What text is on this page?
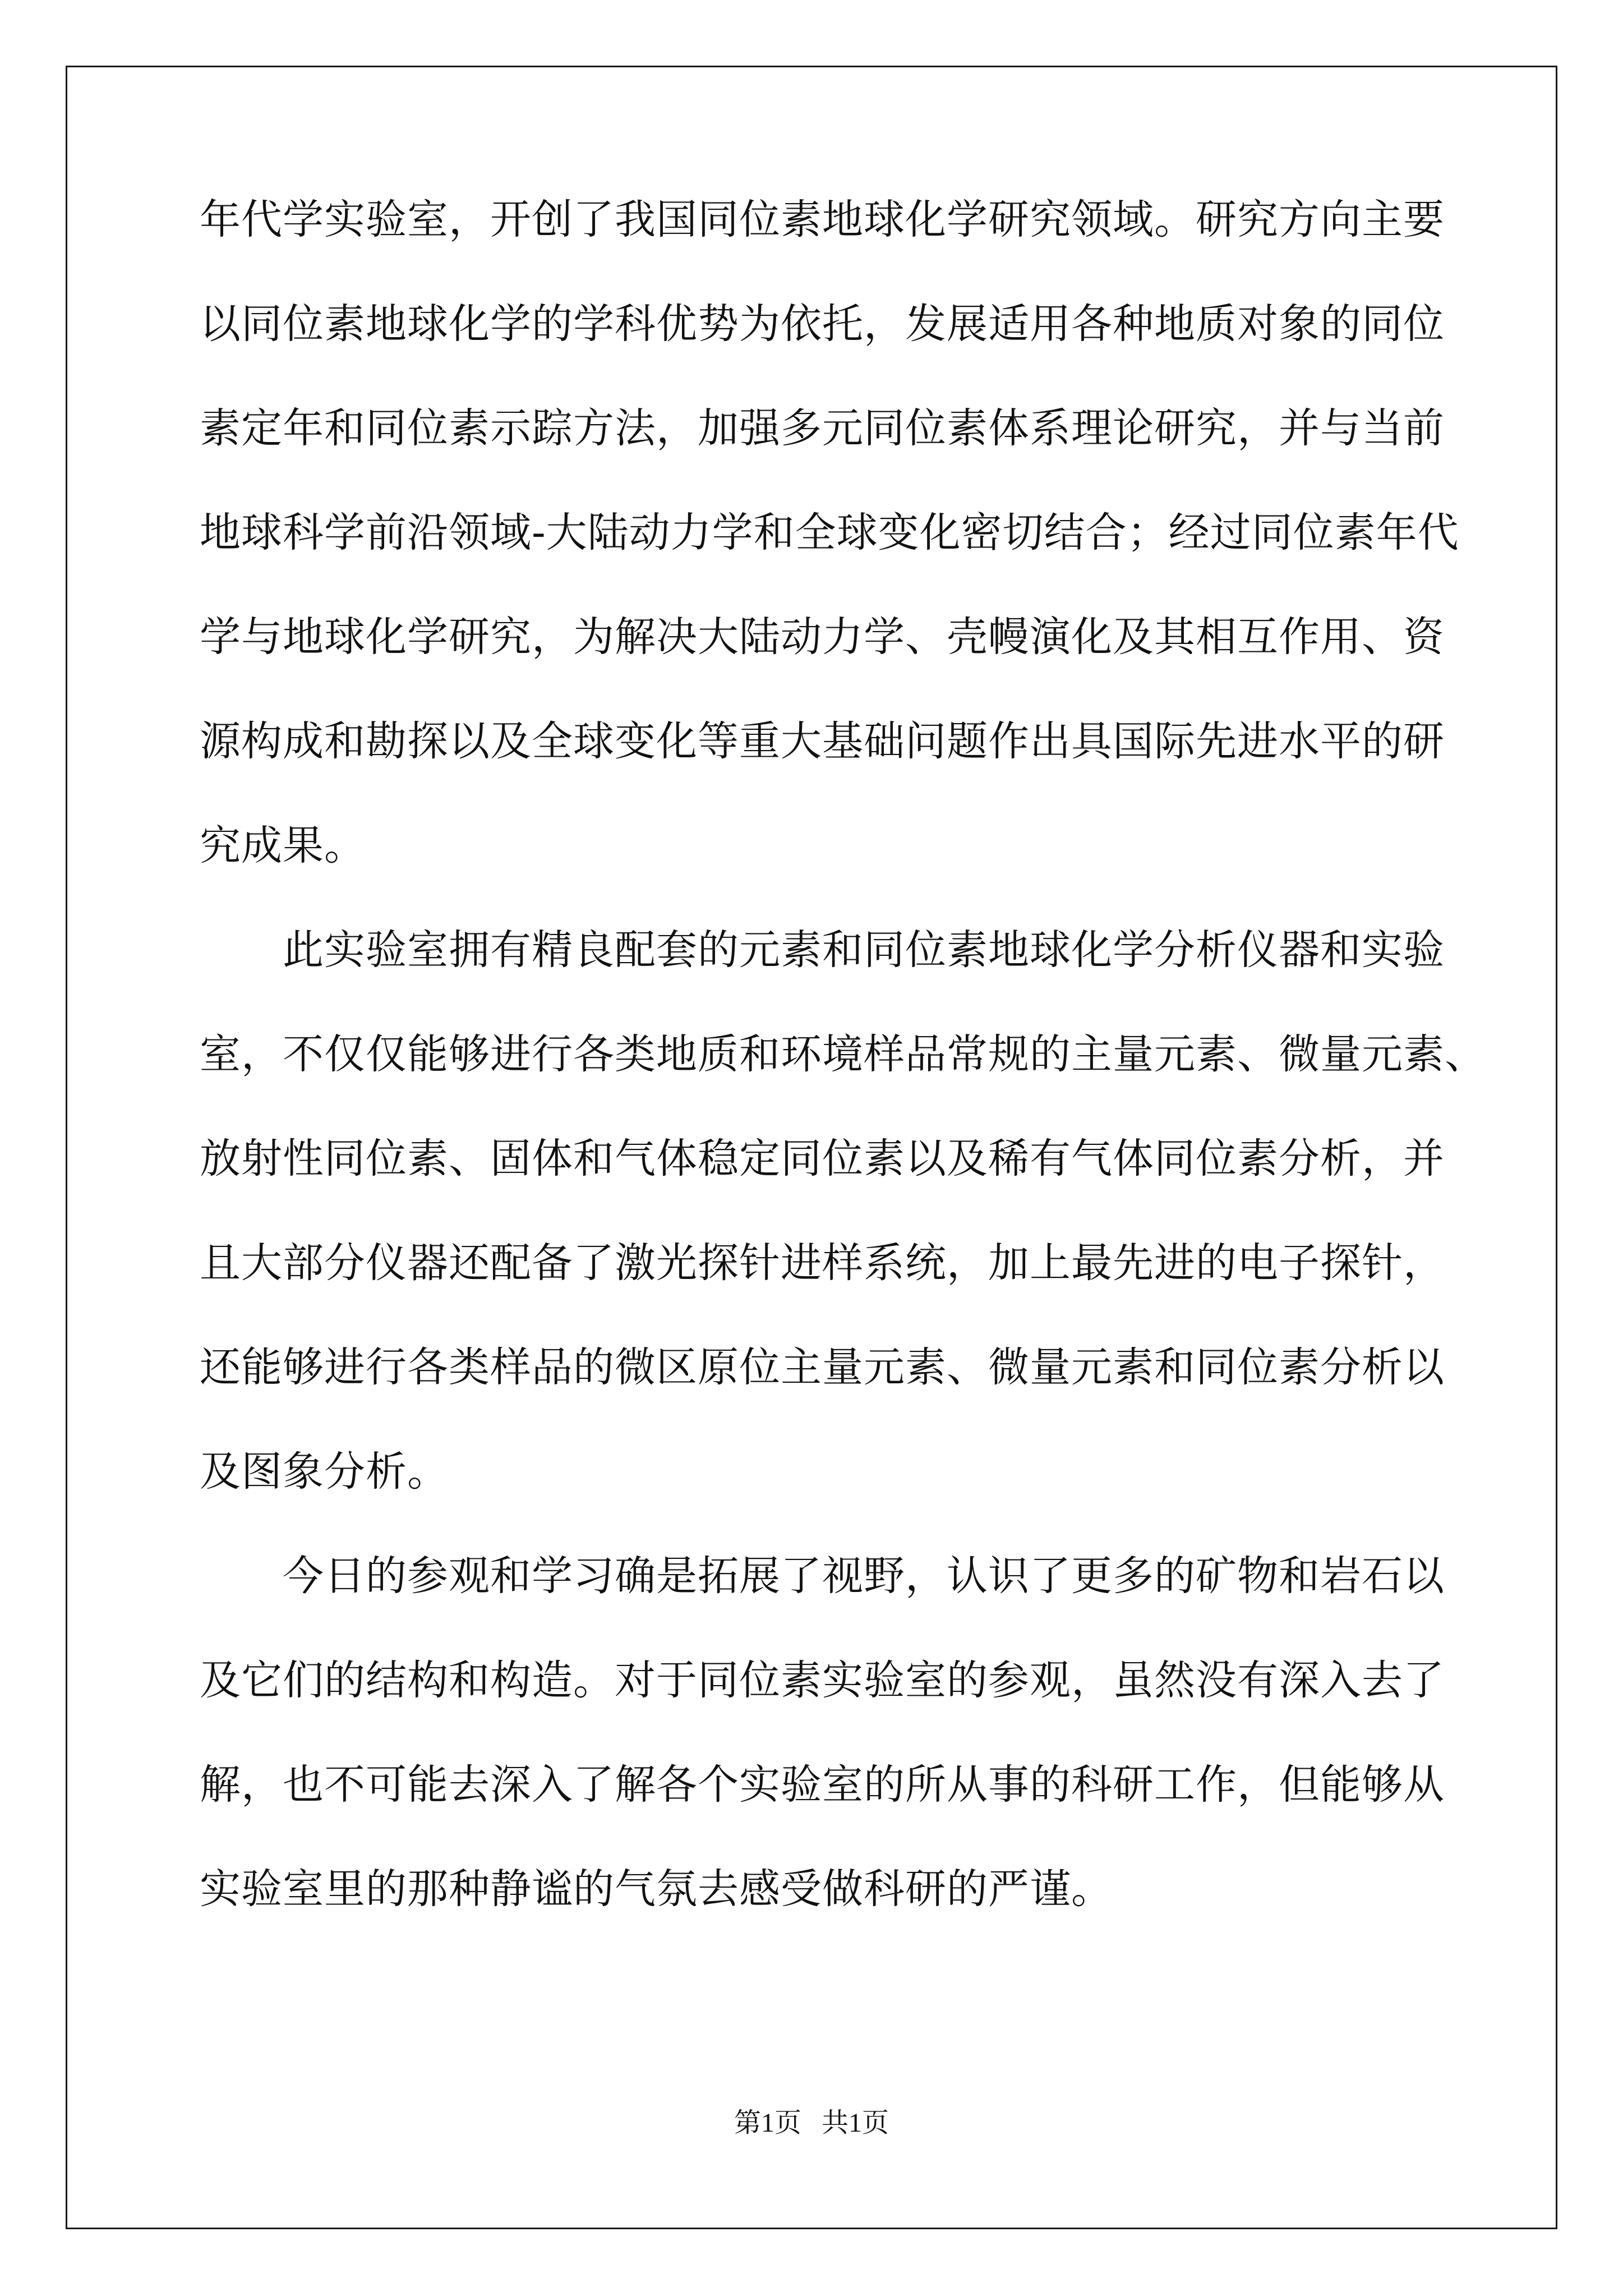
年代学实验室，开创了我国同位素地球化学研究领域。研究方向主要
以同位素地球化学的学科优势为依托，发展适用各种地质对象的同位
素定年和同位素示踪方法，加强多元同位素体系理论研究，并与当前
地球科学前沿领域-大陆动力学和全球变化密切结合；经过同位素年代
学与地球化学研究，为解决大陆动力学、壳幔演化及其相互作用、资
源构成和勘探以及全球变化等重大基础问题作出具国际先进水平的研
究成果。
此实验室拥有精良配套的元素和同位素地球化学分析仪器和实验
室，不仅仅能够进行各类地质和环境样品常规的主量元素、微量元素、
放射性同位素、固体和气体稳定同位素以及稀有气体同位素分析，并
且大部分仪器还配备了激光探针进样系统，加上最先进的电子探针，
还能够进行各类样品的微区原位主量元素、微量元素和同位素分析以
及图象分析。
今日的参观和学习确是拓展了视野，认识了更多的矿物和岩石以
及它们的结构和构造。对于同位素实验室的参观，虽然没有深入去了
解，也不可能去深入了解各个实验室的所从事的科研工作，但能够从
实验室里的那种静谧的气氛去感受做科研的严谨。
第1页   共1页
